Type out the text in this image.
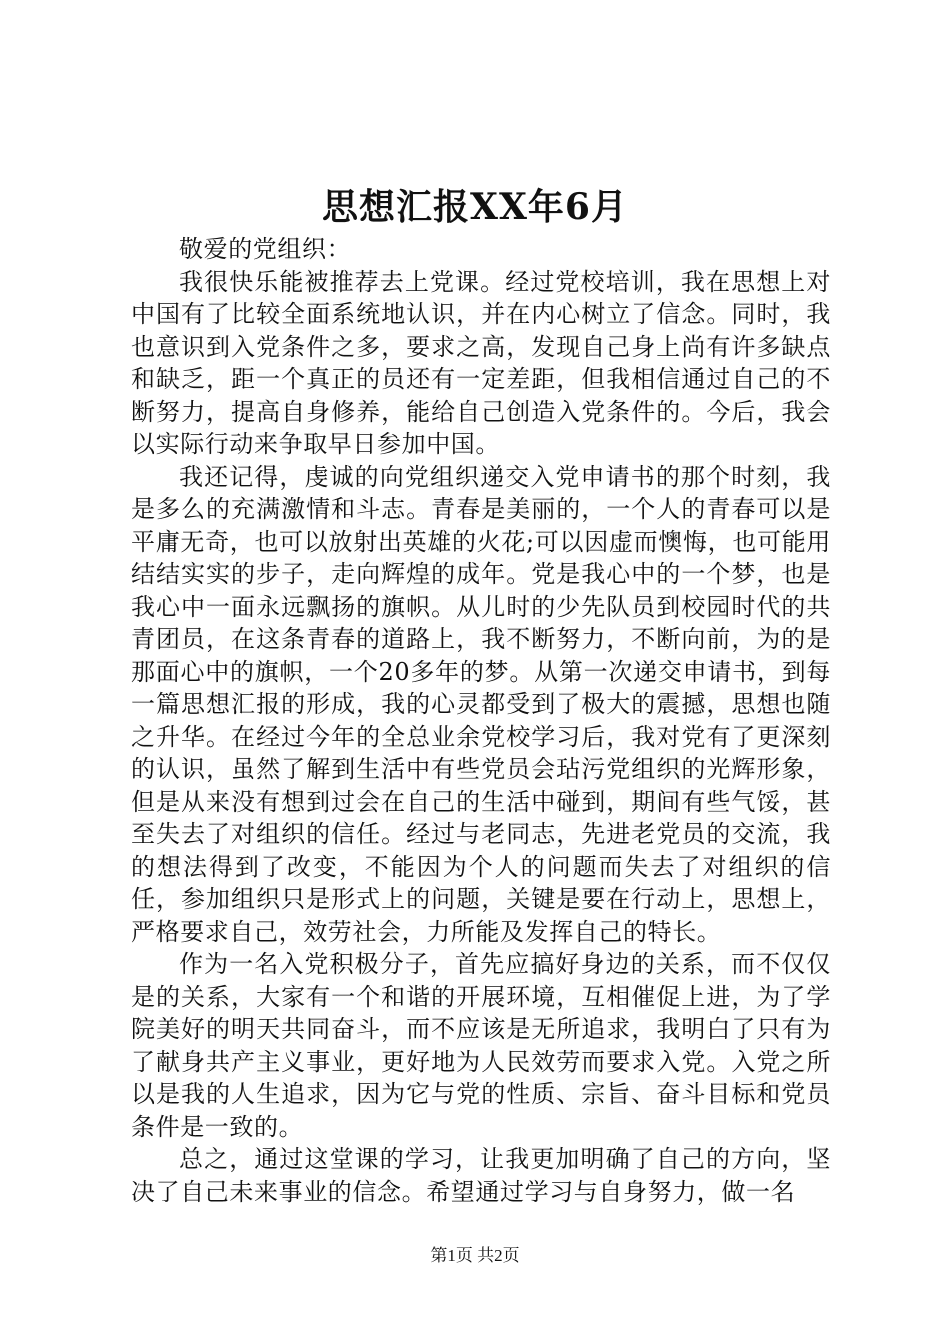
思想汇报XX年6月

敬爱的党组织：

我很快乐能被推荐去上党课。经过党校培训，我在思想上对中国有了比较全面系统地认识，并在内心树立了信念。同时，我也意识到入党条件之多，要求之高，发现自己身上尚有许多缺点和缺乏，距一个真正的员还有一定差距，但我相信通过自己的不断努力，提高自身修养，能给自己创造入党条件的。今后，我会以实际行动来争取早日参加中国。

我还记得，虔诚的向党组织递交入党申请书的那个时刻，我是多么的充满激情和斗志。青春是美丽的，一个人的青春可以是平庸无奇，也可以放射出英雄的火花;可以因虚而懊悔，也可能用结结实实的步子，走向辉煌的成年。党是我心中的一个梦，也是我心中一面永远飘扬的旗帜。从儿时的少先队员到校园时代的共青团员，在这条青春的道路上，我不断努力，不断向前，为的是那面心中的旗帜，一个20多年的梦。从第一次递交申请书，到每一篇思想汇报的形成，我的心灵都受到了极大的震撼，思想也随之升华。在经过今年的全总业余党校学习后，我对党有了更深刻的认识，虽然了解到生活中有些党员会玷污党组织的光辉形象，但是从来没有想到过会在自己的生活中碰到，期间有些气馁，甚至失去了对组织的信任。经过与老同志，先进老党员的交流，我的想法得到了改变，不能因为个人的问题而失去了对组织的信任，参加组织只是形式上的问题，关键是要在行动上，思想上，严格要求自己，效劳社会，力所能及发挥自己的特长。

作为一名入党积极分子，首先应搞好身边的关系，而不仅仅是的关系，大家有一个和谐的开展环境，互相催促上进，为了学院美好的明天共同奋斗，而不应该是无所追求，我明白了只有为了献身共产主义事业，更好地为人民效劳而要求入党。入党之所以是我的人生追求，因为它与党的性质、宗旨、奋斗目标和党员条件是一致的。

总之，通过这堂课的学习，让我更加明确了自己的方向，坚决了自己未来事业的信念。希望通过学习与自身努力，做一名

第1页 共2页
